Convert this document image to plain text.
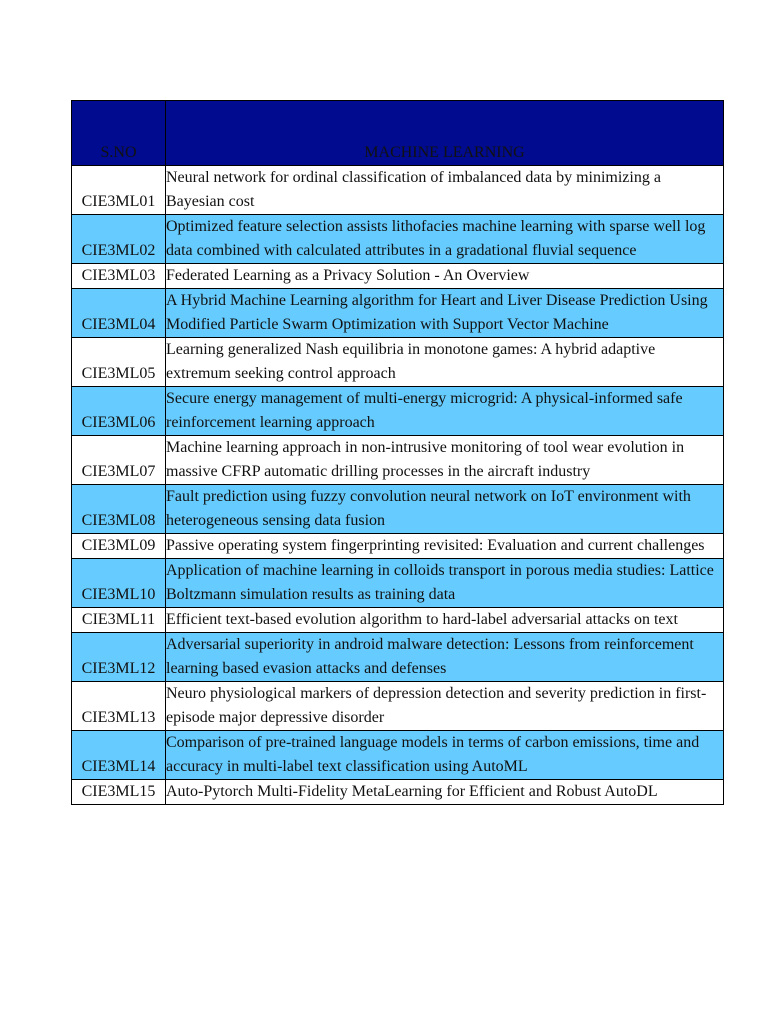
S.NO	MACHINE LEARNING
CIE3ML01	Neural network for ordinal classification of imbalanced data by minimizing a Bayesian cost
CIE3ML02	Optimized feature selection assists lithofacies machine learning with sparse well log data combined with calculated attributes in a gradational fluvial sequence
CIE3ML03	Federated Learning as a Privacy Solution - An Overview
CIE3ML04	A Hybrid Machine Learning algorithm for Heart and Liver Disease Prediction Using Modified Particle Swarm Optimization with Support Vector Machine
CIE3ML05	Learning generalized Nash equilibria in monotone games: A hybrid adaptive extremum seeking control approach
CIE3ML06	Secure energy management of multi-energy microgrid: A physical-informed safe reinforcement learning approach
CIE3ML07	Machine learning approach in non-intrusive monitoring of tool wear evolution in massive CFRP automatic drilling processes in the aircraft industry
CIE3ML08	Fault prediction using fuzzy convolution neural network on IoT environment with heterogeneous sensing data fusion
CIE3ML09	Passive operating system fingerprinting revisited: Evaluation and current challenges
CIE3ML10	Application of machine learning in colloids transport in porous media studies: Lattice Boltzmann simulation results as training data
CIE3ML11	Efficient text-based evolution algorithm to hard-label adversarial attacks on text
CIE3ML12	Adversarial superiority in android malware detection: Lessons from reinforcement learning based evasion attacks and defenses
CIE3ML13	Neuro physiological markers of depression detection and severity prediction in first-episode major depressive disorder
CIE3ML14	Comparison of pre-trained language models in terms of carbon emissions, time and accuracy in multi-label text classification using AutoML
CIE3ML15	Auto-Pytorch Multi-Fidelity MetaLearning for Efficient and Robust AutoDL
